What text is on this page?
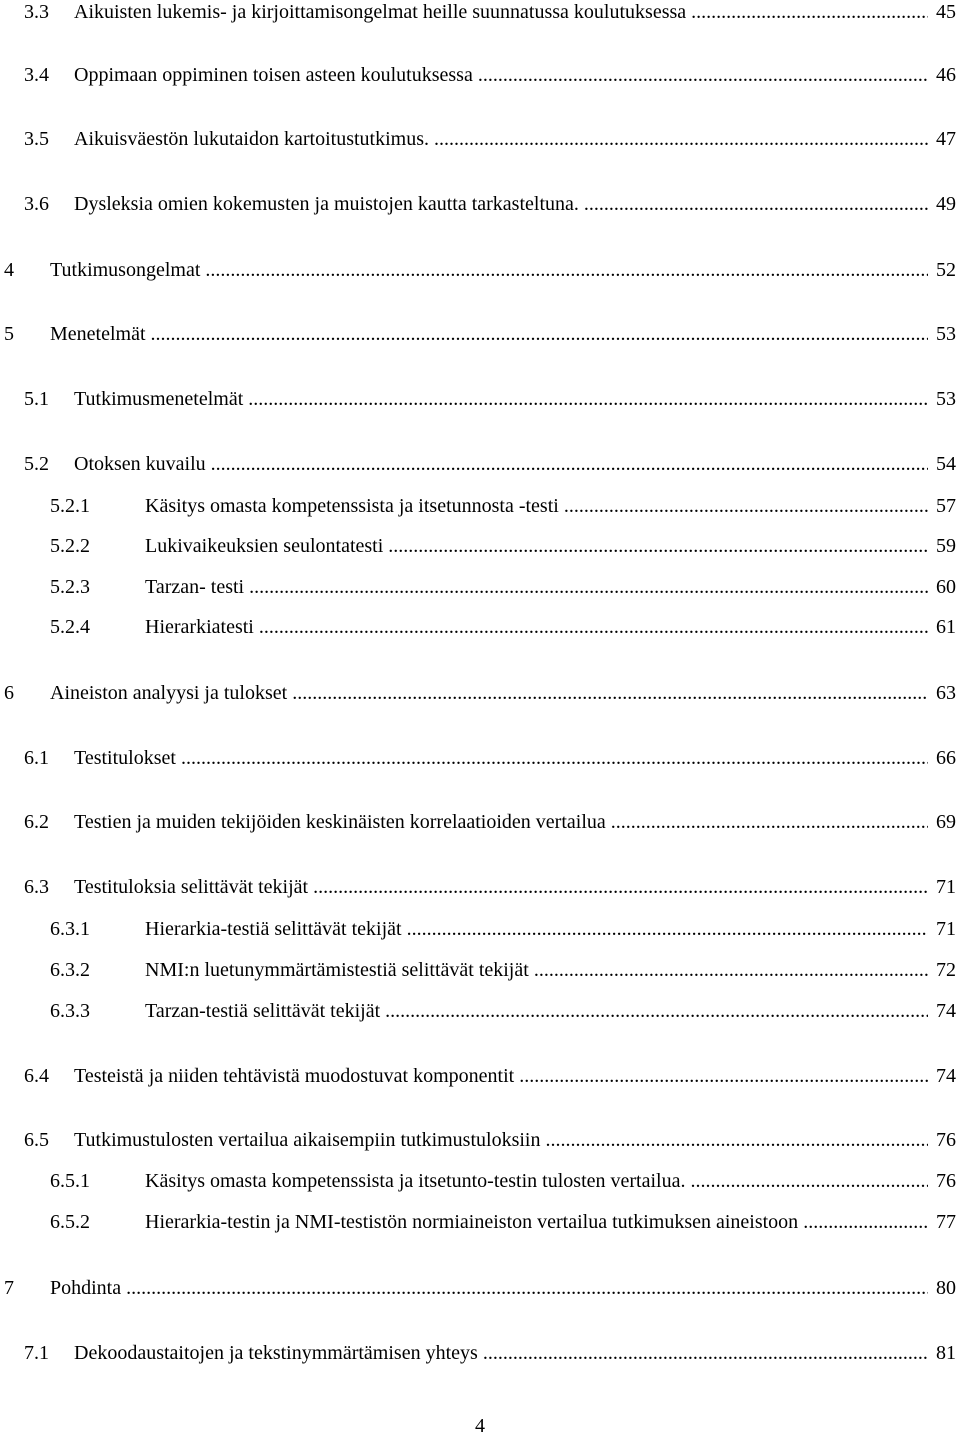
3.3 Aikuisten lukemis- ja kirjoittamisongelmat heille suunnatussa koulutuksessa .....	45
3.4 Oppimaan oppiminen toisen asteen koulutuksessa .....	46
3.5 Aikuisväestön lukutaidon kartoitustutkimus. .....	47
3.6 Dysleksia omien kokemusten ja muistojen kautta tarkasteltuna. .....	49
4 Tutkimusongelmat .....	52
5 Menetelmät .....	53
5.1 Tutkimusmenetelmät .....	53
5.2 Otoksen kuvailu .....	54
5.2.1	Käsitys omasta kompetenssista ja itsetunnosta -testi .....	57
5.2.2	Lukivaikeuksien seulontatesti .....	59
5.2.3	Tarzan- testi .....	60
5.2.4	Hierarkiatesti .....	61
6 Aineiston analyysi ja tulokset .....	63
6.1 Testitulokset .....	66
6.2 Testien ja muiden tekijöiden keskinäisten korrelaatioiden vertailua .....	69
6.3 Testituloksia selittävät tekijät .....	71
6.3.1	Hierarkia-testiä selittävät tekijät .....	71
6.3.2	NMI:n luetunymmärtämistestiä selittävät tekijät .....	72
6.3.3	Tarzan-testiä selittävät tekijät .....	74
6.4 Testeistä ja niiden tehtävistä muodostuvat komponentit .....	74
6.5 Tutkimustulosten vertailua aikaisempiin tutkimustuloksiin .....	76
6.5.1	Käsitys omasta kompetenssista ja itsetunto-testin tulosten vertailua. .....	76
6.5.2	Hierarkia-testin ja NMI-testistön normiaineiston vertailua tutkimuksen aineistoon .....	77
7 Pohdinta .....	80
7.1 Dekoodaustaitojen ja tekstinymmärtämisen yhteys .....	81
4
